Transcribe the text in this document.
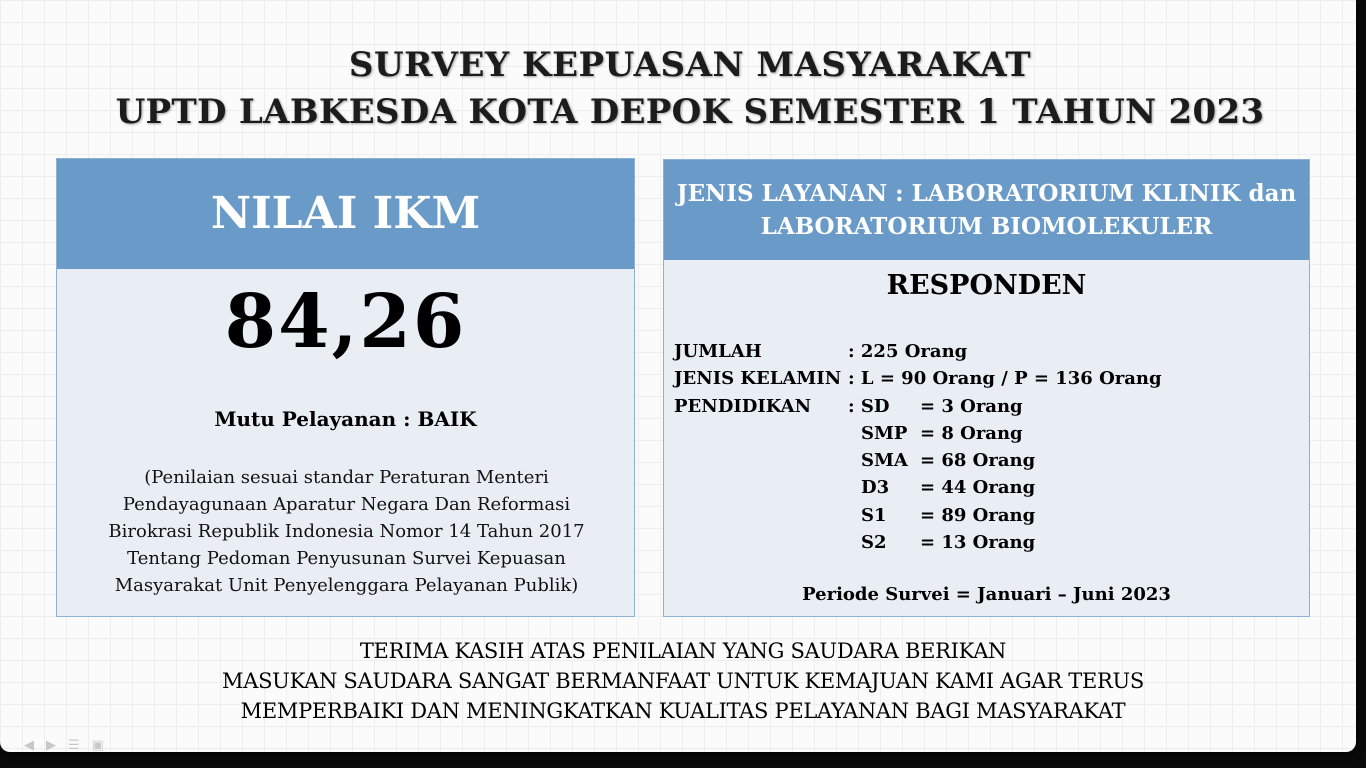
SURVEY KEPUASAN MASYARAKAT
UPTD LABKESDA KOTA DEPOK SEMESTER 1 TAHUN 2023
NILAI IKM
84,26
Mutu Pelayanan : BAIK
(Penilaian sesuai standar Peraturan Menteri
Pendayagunaan Aparatur Negara Dan Reformasi
Birokrasi Republik Indonesia Nomor 14 Tahun 2017
Tentang Pedoman Penyusunan Survei Kepuasan
Masyarakat Unit Penyelenggara Pelayanan Publik)
JENIS LAYANAN : LABORATORIUM KLINIK dan
LABORATORIUM BIOMOLEKULER
RESPONDEN
JUMLAH	: 225 Orang
JENIS KELAMIN : L = 90 Orang / P = 136 Orang
PENDIDIKAN : SD = 3 Orang
SMP = 8 Orang
SMA = 68 Orang
D3 = 44 Orang
S1 = 89 Orang
S2 = 13 Orang
Periode Survei = Januari – Juni 2023
TERIMA KASIH ATAS PENILAIAN YANG SAUDARA BERIKAN
MASUKAN SAUDARA SANGAT BERMANFAAT UNTUK KEMAJUAN KAMI AGAR TERUS
MEMPERBAIKI DAN MENINGKATKAN KUALITAS PELAYANAN BAGI MASYARAKAT
◀▶☰▣
